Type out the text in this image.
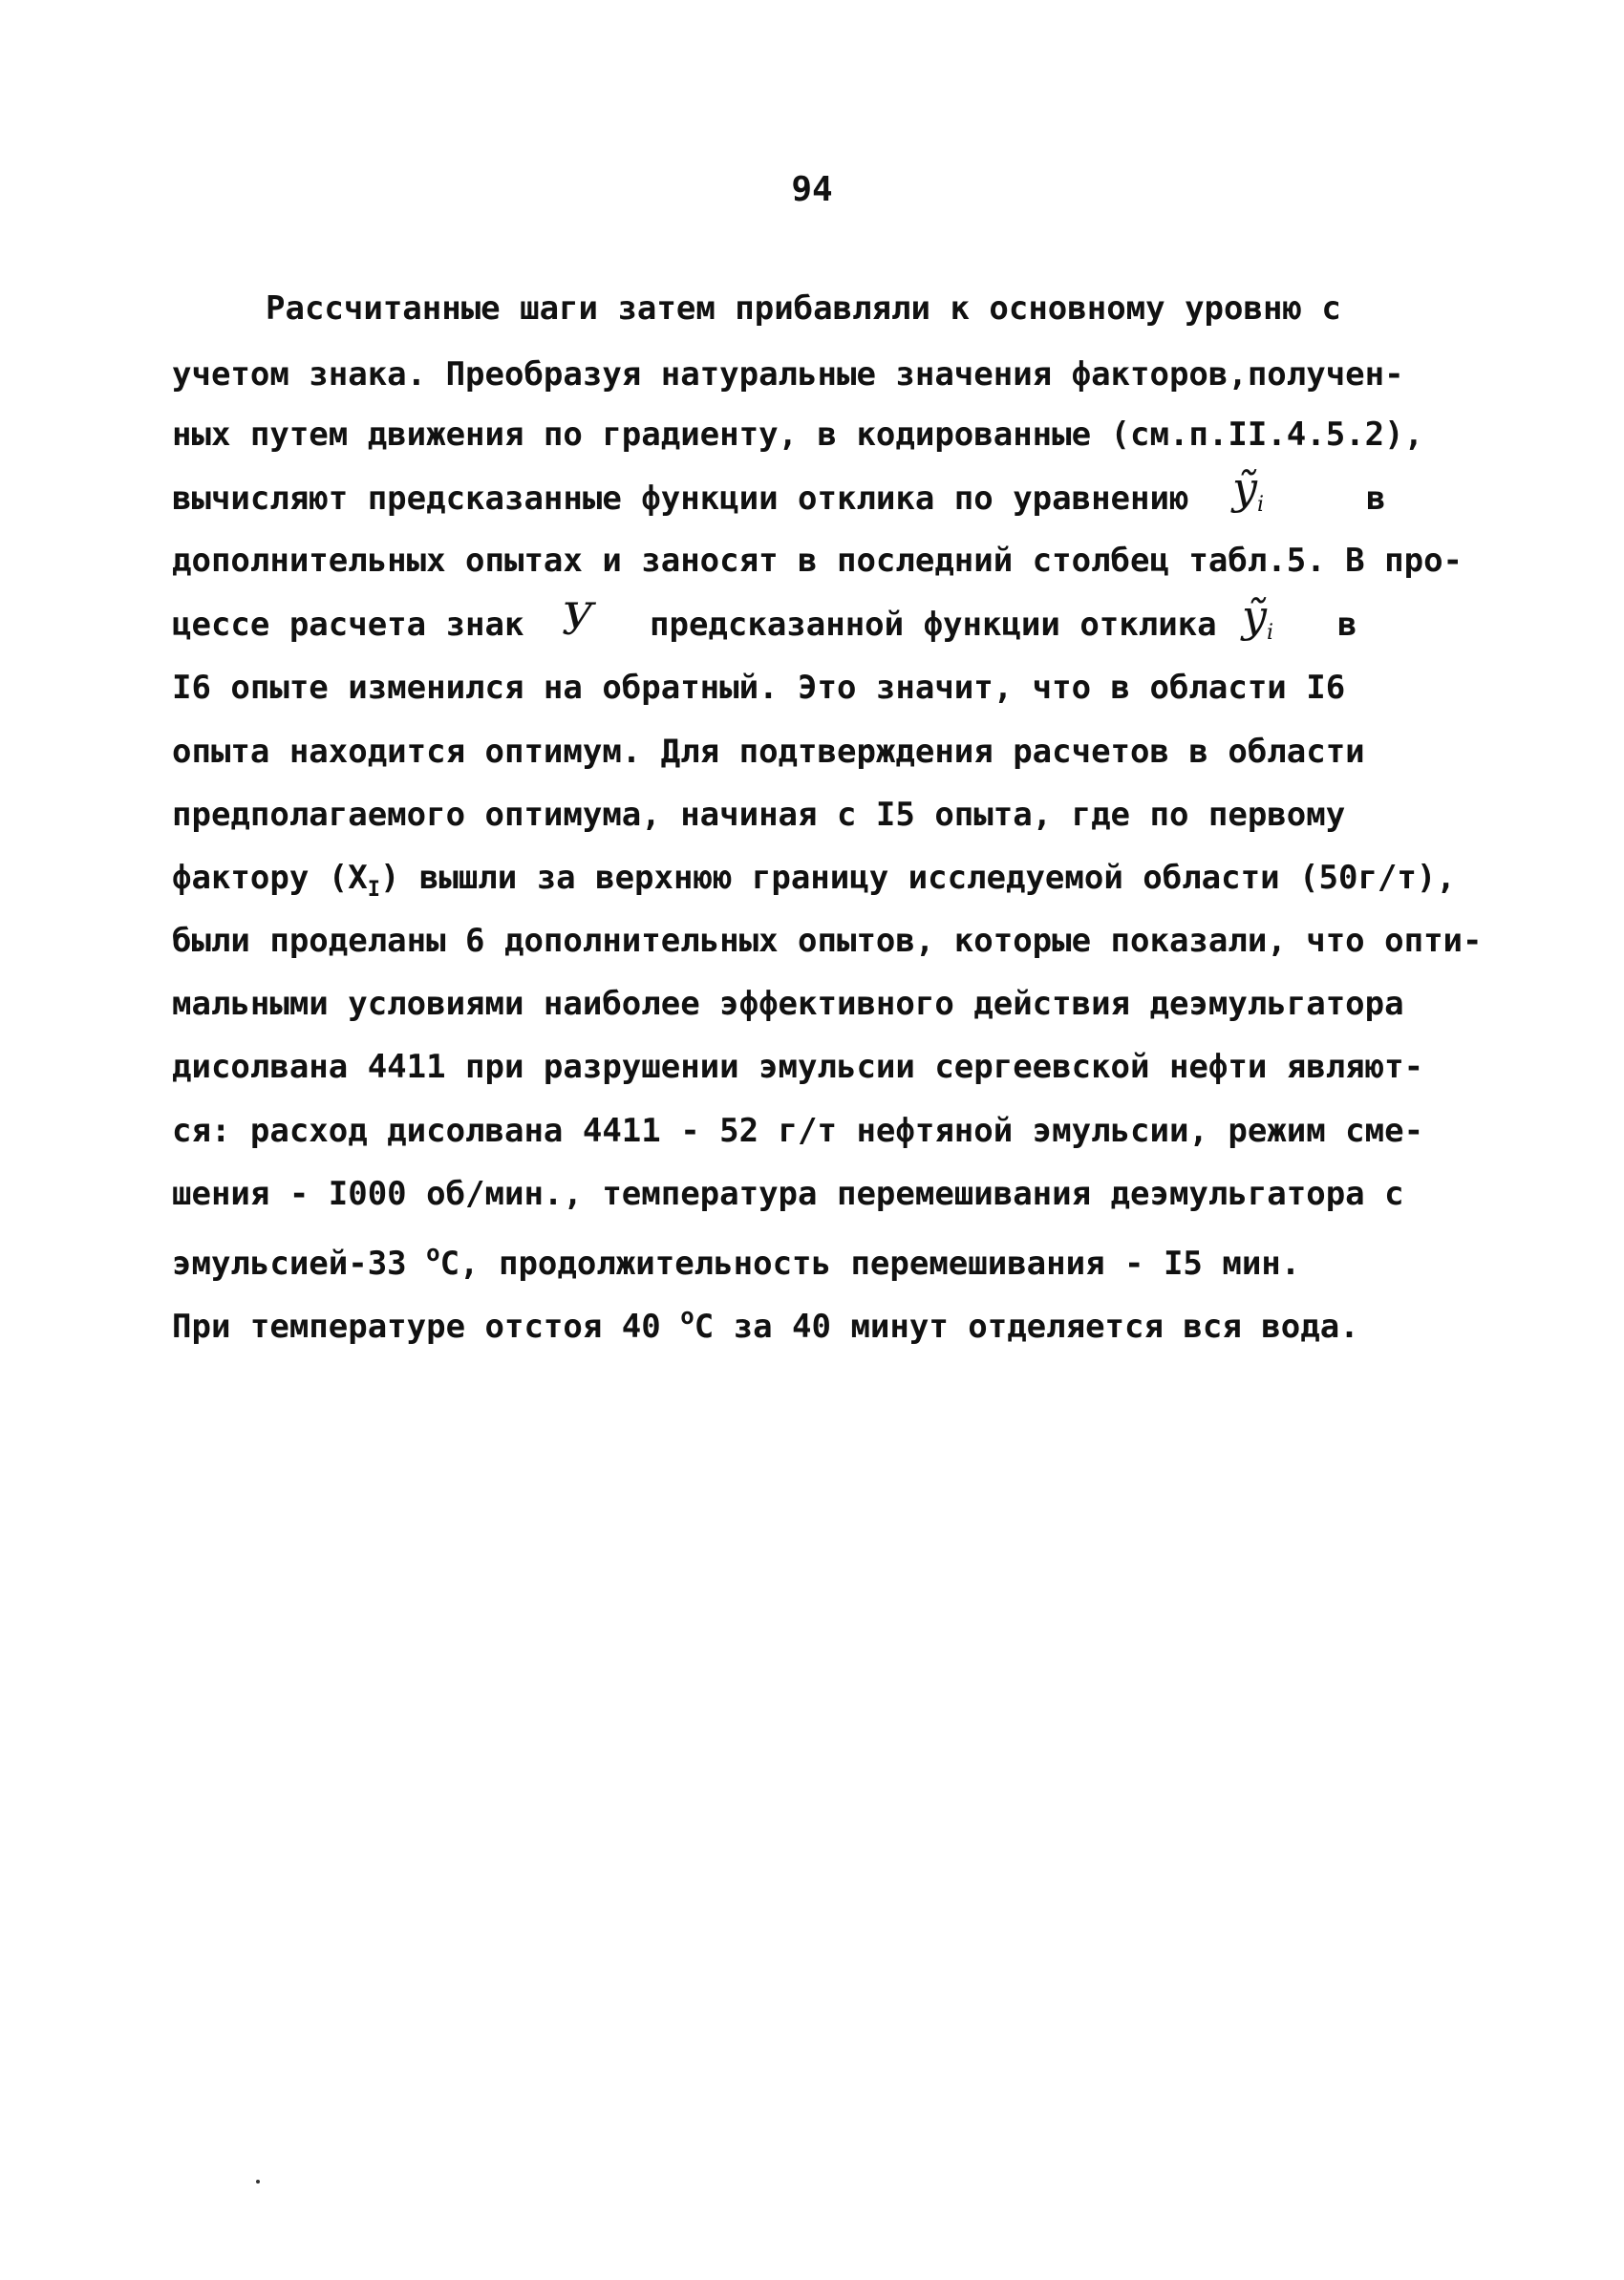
94
Рассчитанные шаги затем прибавляли к основному уровню с
учетом знака. Преобразуя натуральные значения факторов,получен-
ных путем движения по градиенту, в кодированные (см.п.II.4.5.2),
вычисляют предсказанные функции отклика по уравнению ỹ$_i$	в
дополнительных опытах и заносят в последний столбец табл.5. В про-
цессе расчета знак У предсказанной функции отклика ỹ$_i$ в
I6 опыте изменился на обратный. Это значит, что в области I6
опыта находится оптимум. Для подтверждения расчетов в области
предполагаемого оптимума, начиная с I5 опыта, где по первому
фактору $(X_I)$ вышли за верхнюю границу исследуемой области (50г/т),
были проделаны 6 дополнительных опытов, которые показали, что опти-
мальными условиями наиболее эффективного действия деэмульгатора
дисолвана 4411 при разрушении эмульсии сергеевской нефти являют-
ся: расход дисолвана 4411 - 52 г/т нефтяной эмульсии, режим сме-
шения - I000 об/мин., температура перемешивания деэмульгатора с
эмульсией-33 $^о$С, продолжительность перемешивания - I5 мин.
При температуре отстоя 40 $^о$С за 40 минут отделяется вся вода.
